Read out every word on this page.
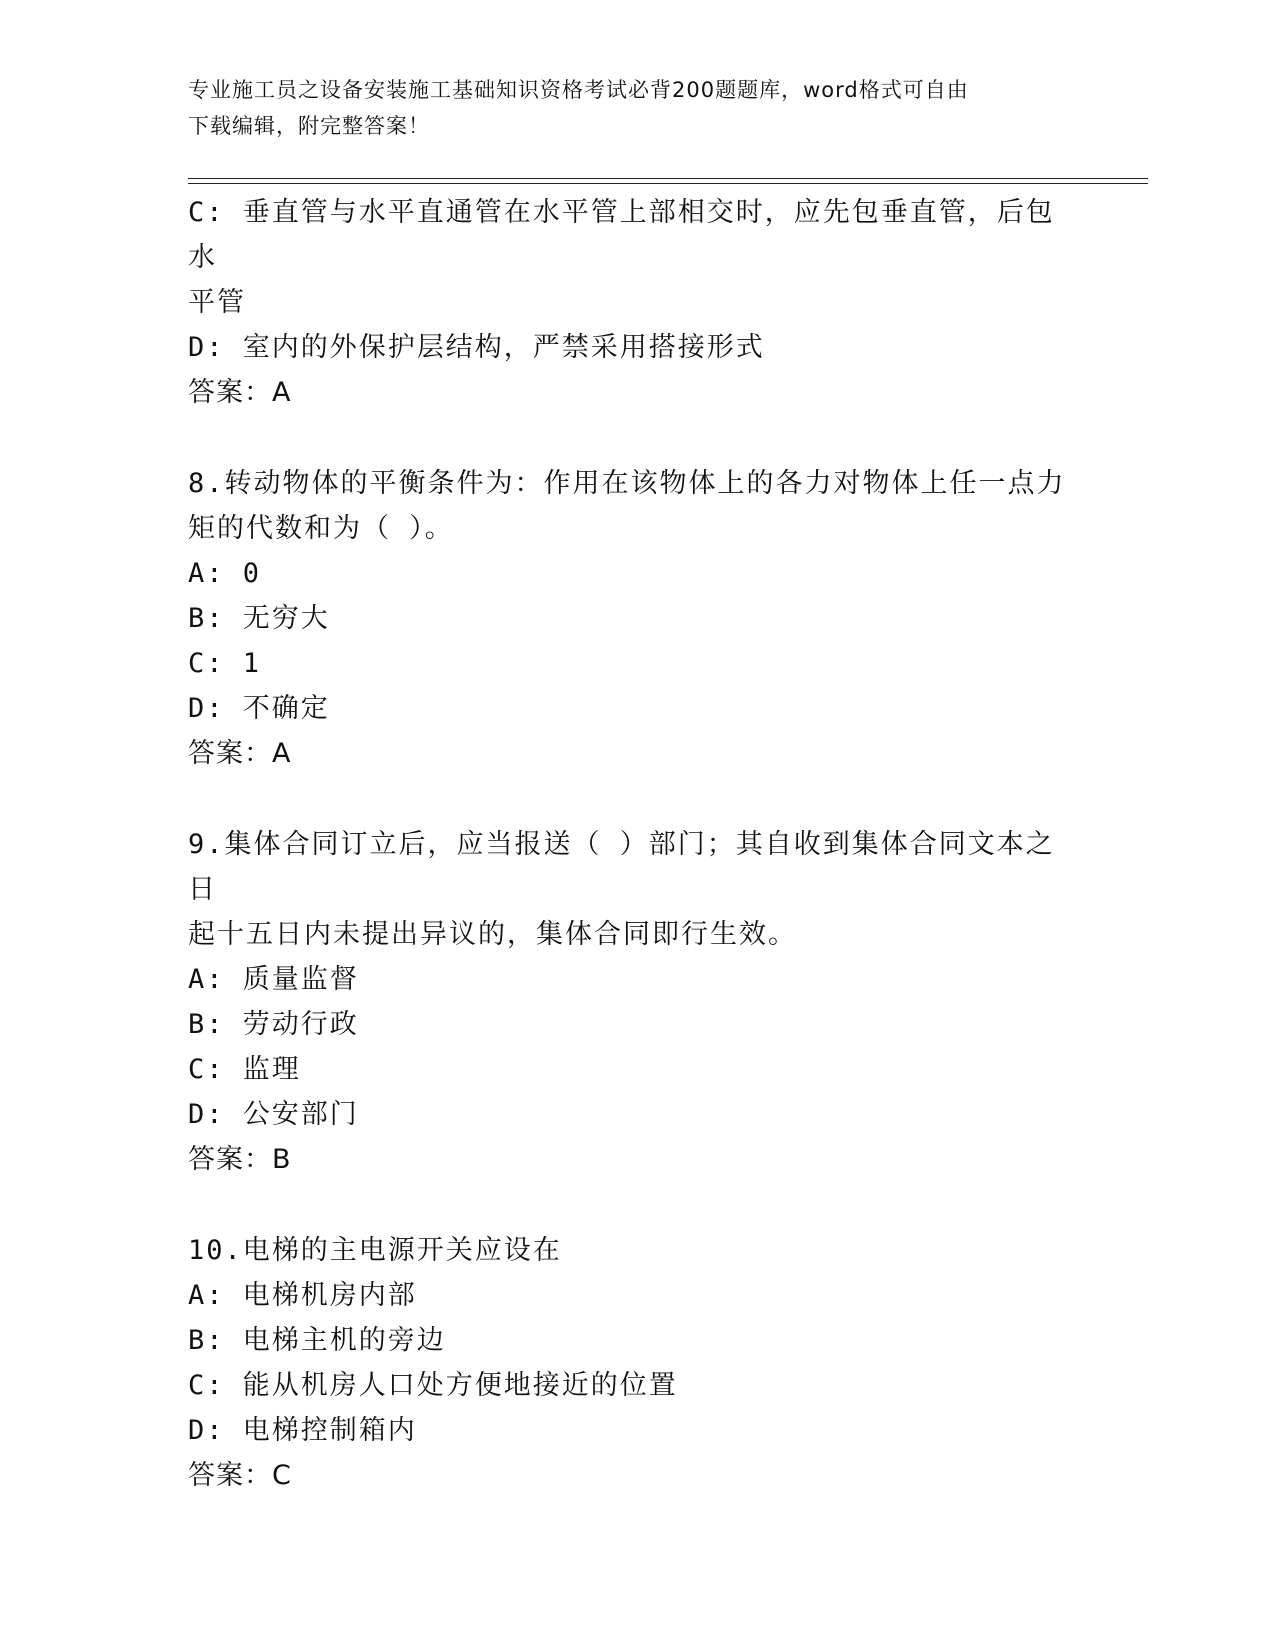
专业施工员之设备安装施工基础知识资格考试必背200题题库，word格式可自由
下载编辑，附完整答案！
C: 垂直管与水平直通管在水平管上部相交时，应先包垂直管，后包水
平管
D: 室内的外保护层结构，严禁采用搭接形式
答案：A
8.转动物体的平衡条件为：作用在该物体上的各力对物体上任一点力
矩的代数和为（ ）。
A: 0
B: 无穷大
C: 1
D: 不确定
答案：A
9.集体合同订立后，应当报送（ ）部门；其自收到集体合同文本之日
起十五日内未提出异议的，集体合同即行生效。
A: 质量监督
B: 劳动行政
C: 监理
D: 公安部门
答案：B
10.电梯的主电源开关应设在
A: 电梯机房内部
B: 电梯主机的旁边
C: 能从机房人口处方便地接近的位置
D: 电梯控制箱内
答案：C
